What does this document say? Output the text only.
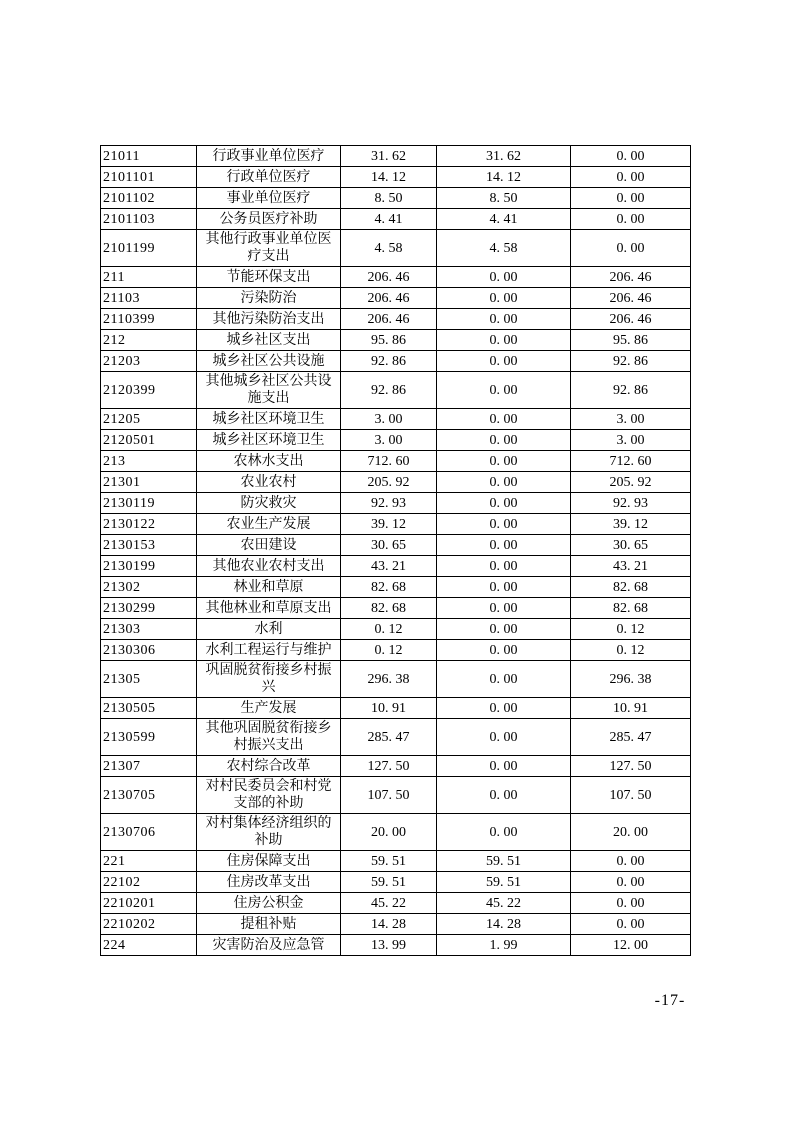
21011	行政事业单位医疗	31. 62	31. 62	0. 00
2101101	行政单位医疗	14. 12	14. 12	0. 00
2101102	事业单位医疗	8. 50	8. 50	0. 00
2101103	公务员医疗补助	4. 41	4. 41	0. 00
2101199	其他行政事业单位医疗支出	4. 58	4. 58	0. 00
211	节能环保支出	206. 46	0. 00	206. 46
21103	污染防治	206. 46	0. 00	206. 46
2110399	其他污染防治支出	206. 46	0. 00	206. 46
212	城乡社区支出	95. 86	0. 00	95. 86
21203	城乡社区公共设施	92. 86	0. 00	92. 86
2120399	其他城乡社区公共设施支出	92. 86	0. 00	92. 86
21205	城乡社区环境卫生	3. 00	0. 00	3. 00
2120501	城乡社区环境卫生	3. 00	0. 00	3. 00
213	农林水支出	712. 60	0. 00	712. 60
21301	农业农村	205. 92	0. 00	205. 92
2130119	防灾救灾	92. 93	0. 00	92. 93
2130122	农业生产发展	39. 12	0. 00	39. 12
2130153	农田建设	30. 65	0. 00	30. 65
2130199	其他农业农村支出	43. 21	0. 00	43. 21
21302	林业和草原	82. 68	0. 00	82. 68
2130299	其他林业和草原支出	82. 68	0. 00	82. 68
21303	水利	0. 12	0. 00	0. 12
2130306	水利工程运行与维护	0. 12	0. 00	0. 12
21305	巩固脱贫衔接乡村振兴	296. 38	0. 00	296. 38
2130505	生产发展	10. 91	0. 00	10. 91
2130599	其他巩固脱贫衔接乡村振兴支出	285. 47	0. 00	285. 47
21307	农村综合改革	127. 50	0. 00	127. 50
2130705	对村民委员会和村党支部的补助	107. 50	0. 00	107. 50
2130706	对村集体经济组织的补助	20. 00	0. 00	20. 00
221	住房保障支出	59. 51	59. 51	0. 00
22102	住房改革支出	59. 51	59. 51	0. 00
2210201	住房公积金	45. 22	45. 22	0. 00
2210202	提租补贴	14. 28	14. 28	0. 00
224	灾害防治及应急管	13. 99	1. 99	12. 00
-17-
